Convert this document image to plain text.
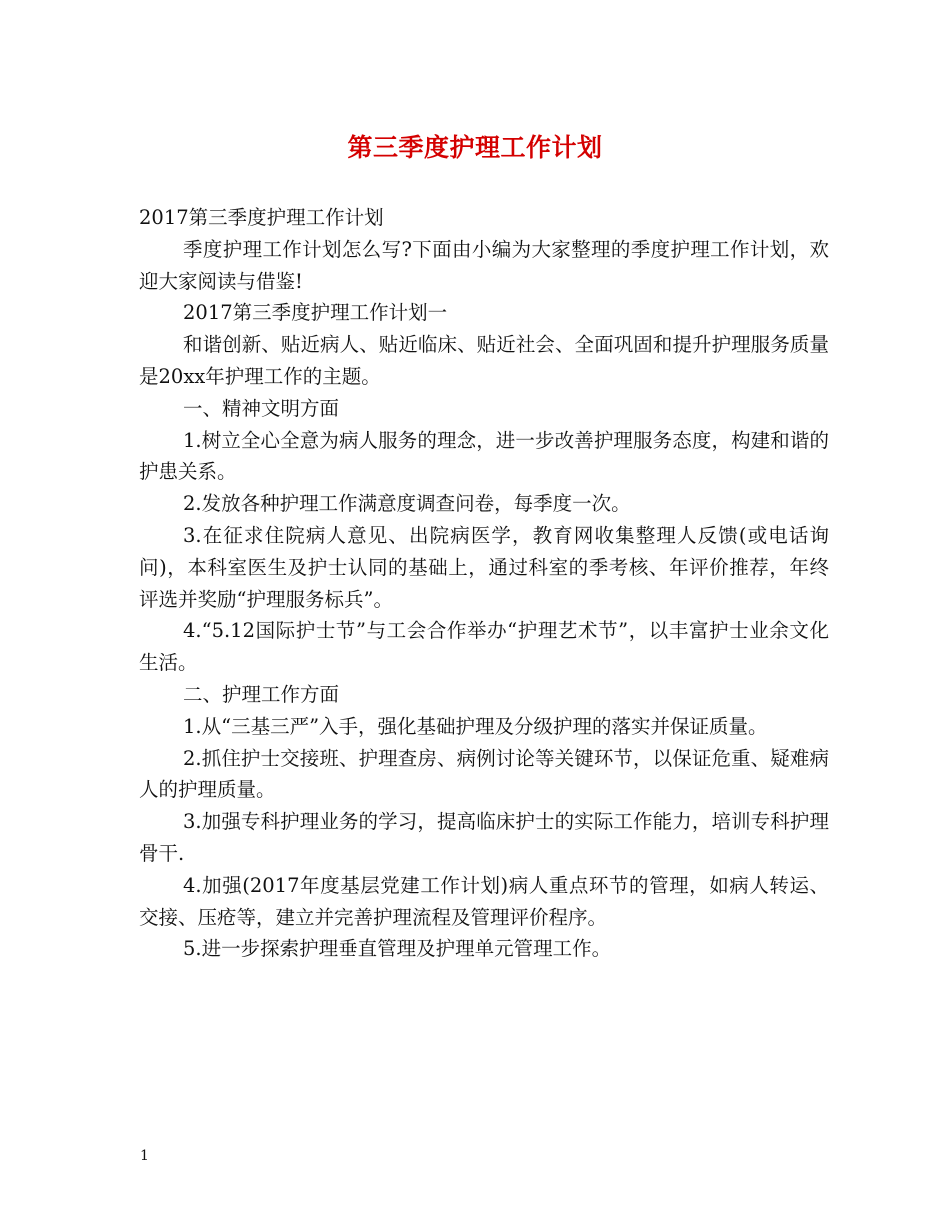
第三季度护理工作计划

2017第三季度护理工作计划

季度护理工作计划怎么写?下面由小编为大家整理的季度护理工作计划，欢迎大家阅读与借鉴!

2017第三季度护理工作计划一

和谐创新、贴近病人、贴近临床、贴近社会、全面巩固和提升护理服务质量是20xx年护理工作的主题。

一、精神文明方面

1.树立全心全意为病人服务的理念，进一步改善护理服务态度，构建和谐的护患关系。

2.发放各种护理工作满意度调查问卷，每季度一次。

3.在征求住院病人意见、出院病医学，教育网收集整理人反馈(或电话询问)，本科室医生及护士认同的基础上，通过科室的季考核、年评价推荐，年终评选并奖励“护理服务标兵”。

4.“5.12国际护士节”与工会合作举办“护理艺术节”，以丰富护士业余文化生活。

二、护理工作方面

1.从“三基三严”入手，强化基础护理及分级护理的落实并保证质量。

2.抓住护士交接班、护理查房、病例讨论等关键环节，以保证危重、疑难病人的护理质量。

3.加强专科护理业务的学习，提高临床护士的实际工作能力，培训专科护理骨干.

4.加强(2017年度基层党建工作计划)病人重点环节的管理，如病人转运、交接、压疮等，建立并完善护理流程及管理评价程序。

5.进一步探索护理垂直管理及护理单元管理工作。

1
